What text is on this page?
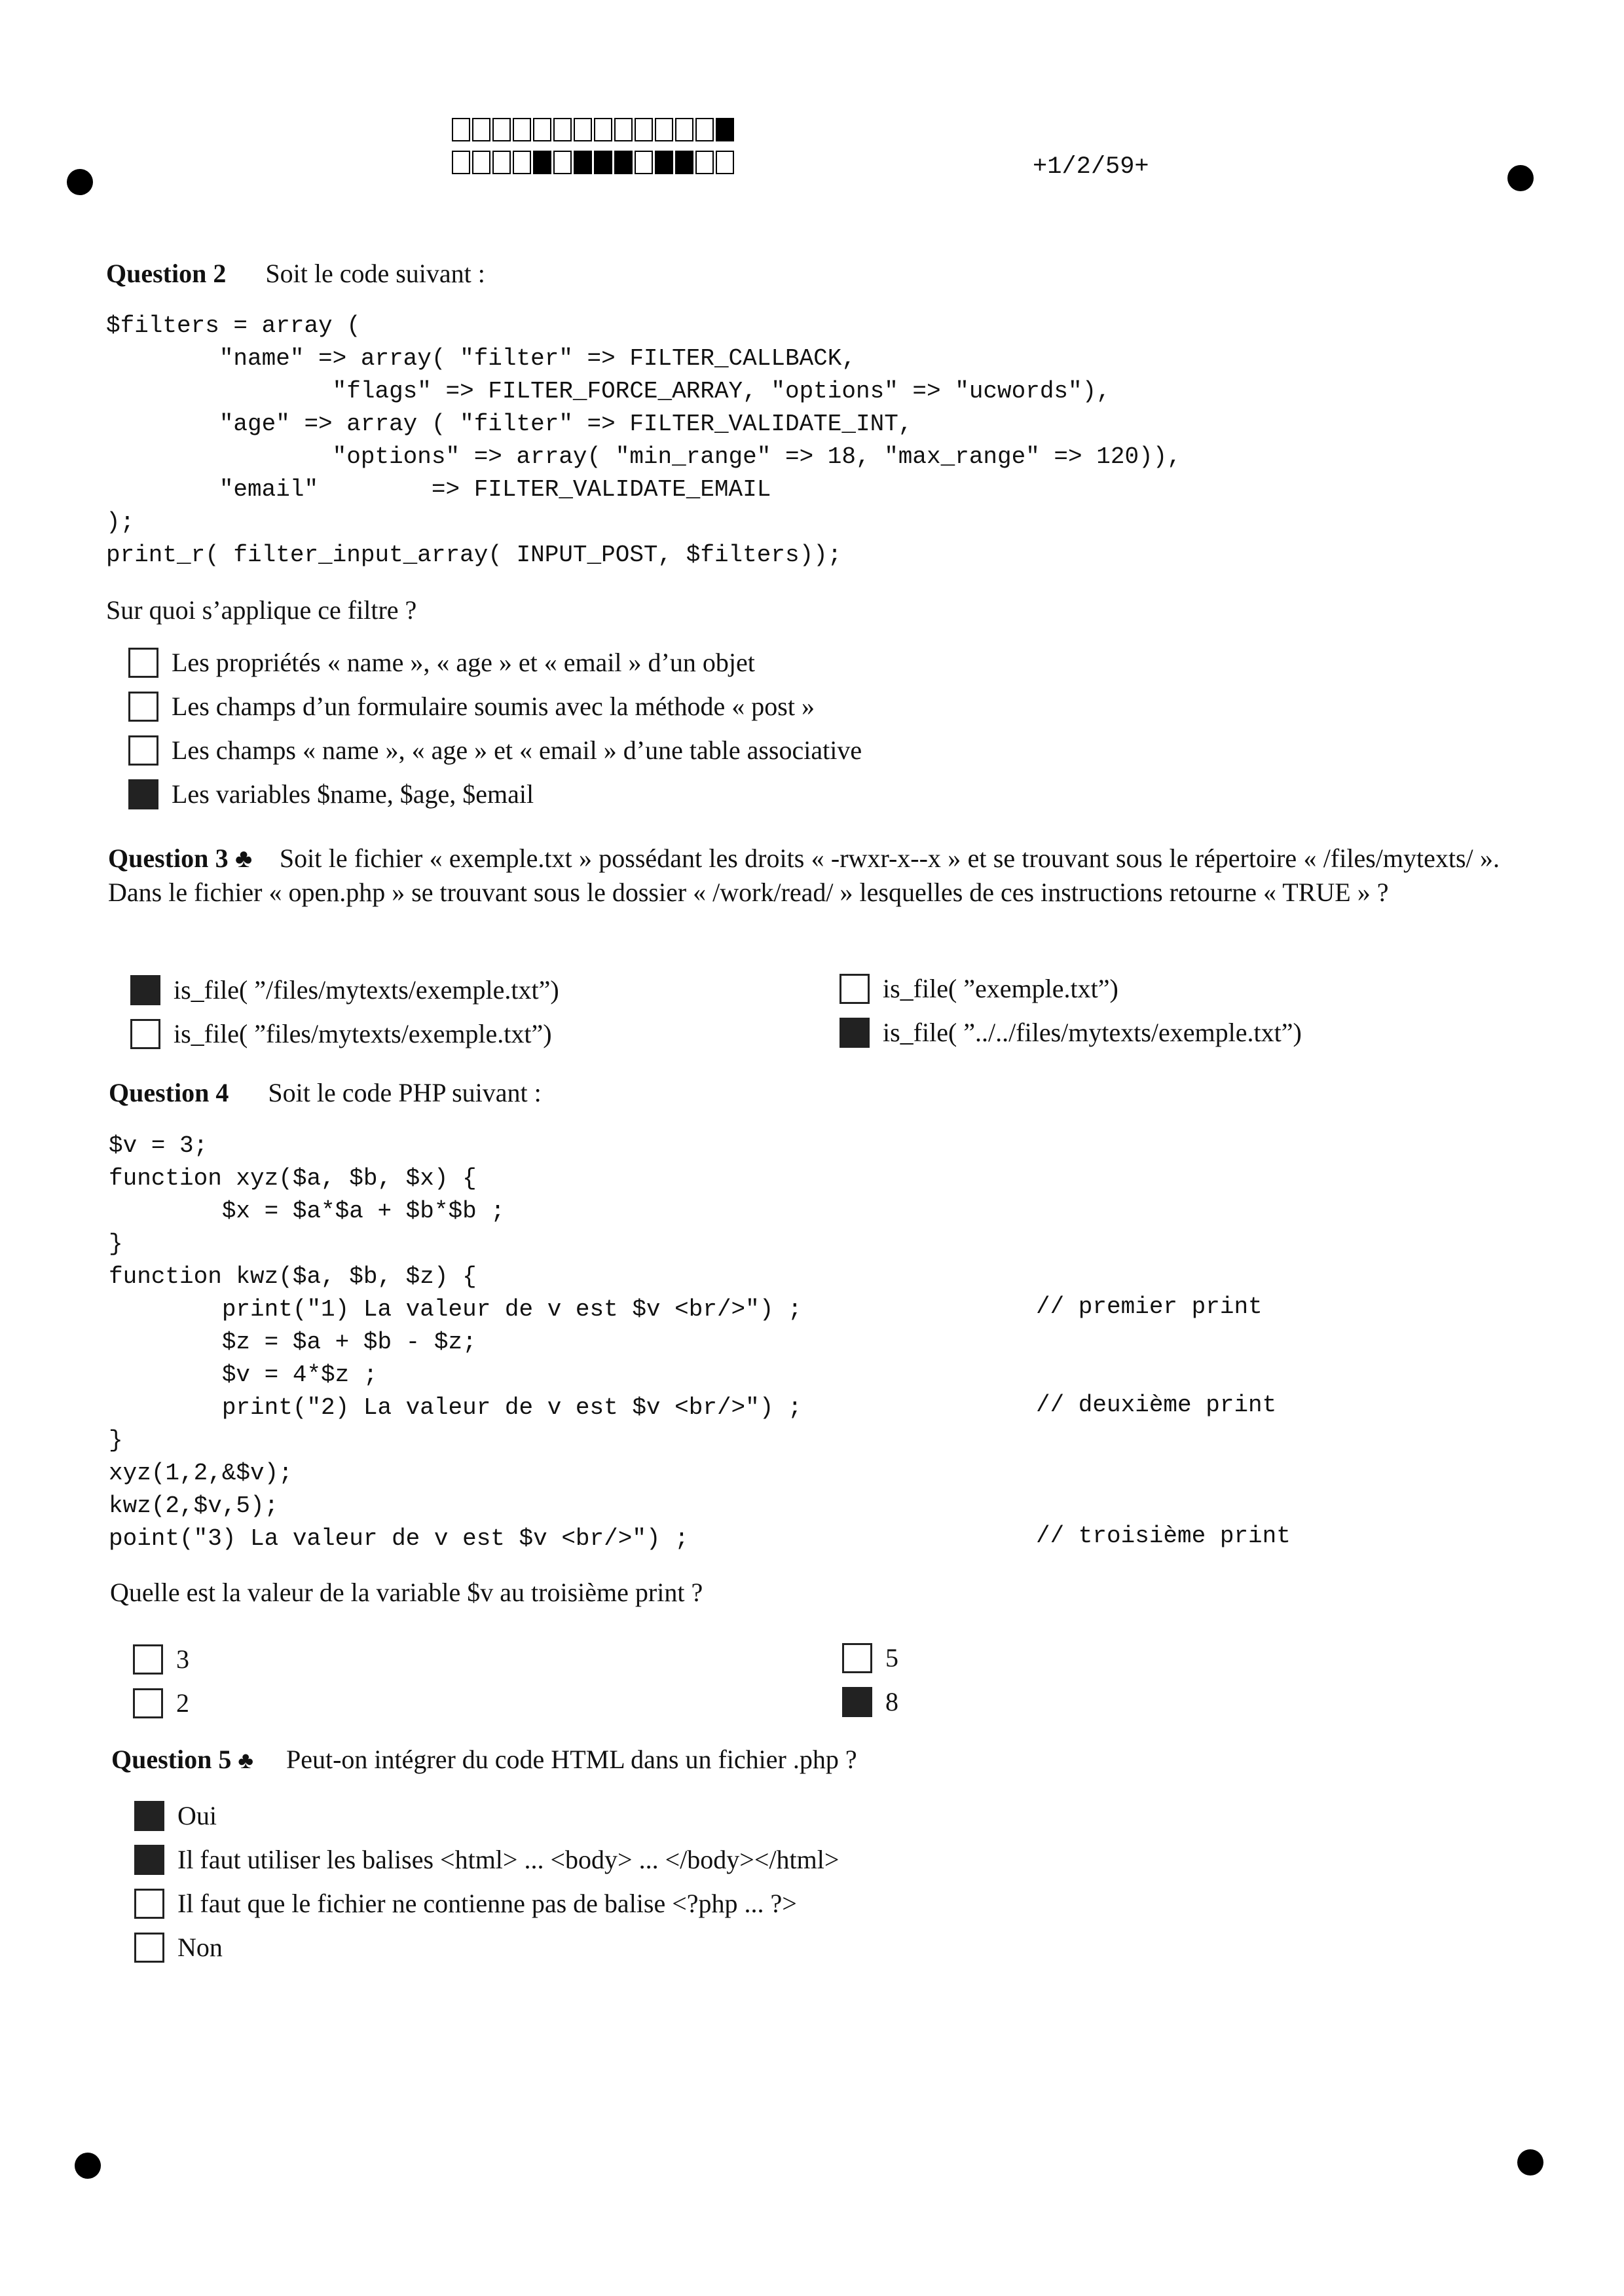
+1/2/59+
Question 2 Soit le code suivant :
$filters = array (
"name" => array( "filter" => FILTER_CALLBACK,
"flags" => FILTER_FORCE_ARRAY, "options" => "ucwords"),
"age" => array ( "filter" => FILTER_VALIDATE_INT,
"options" => array( "min_range" => 18, "max_range" => 120)),
"email"        => FILTER_VALIDATE_EMAIL
);
print_r( filter_input_array( INPUT_POST, $filters));
Sur quoi s’applique ce filtre ?
Les propriétés « name », « age » et « email » d’un objet
Les champs d’un formulaire soumis avec la méthode « post »
Les champs « name », « age » et « email » d’une table associative
Les variables $name, $age, $email
Question 3 ♣ Soit le fichier « exemple.txt » possédant les droits « -rwxr-x--x » et se trouvant sous le répertoire « /files/mytexts/ ». Dans le fichier « open.php » se trouvant sous le dossier « /work/read/ » lesquelles de ces instructions retourne « TRUE » ?
is_file( ”/files/mytexts/exemple.txt”)	is_file( ”exemple.txt”)
is_file( ”files/mytexts/exemple.txt”)	is_file( ”../../files/mytexts/exemple.txt”)
Question 4 Soit le code PHP suivant :
$v = 3;
function xyz($a, $b, $x) {
$x = $a*$a + $b*$b ;
}
function kwz($a, $b, $z) {
print("1) La valeur de v est $v <br/>") ;
$z = $a + $b - $z;
$v = 4*$z ;
print("2) La valeur de v est $v <br/>") ;
}
xyz(1,2,&$v);
kwz(2,$v,5);
point("3) La valeur de v est $v <br/>") ;
// premier print
// deuxième print
// troisième print
Quelle est la valeur de la variable $v au troisième print ?
3	5
2	8
Question 5 ♣ Peut-on intégrer du code HTML dans un fichier .php ?
Oui
Il faut utiliser les balises <html> ... <body> ... </body></html>
Il faut que le fichier ne contienne pas de balise <?php ... ?>
Non
